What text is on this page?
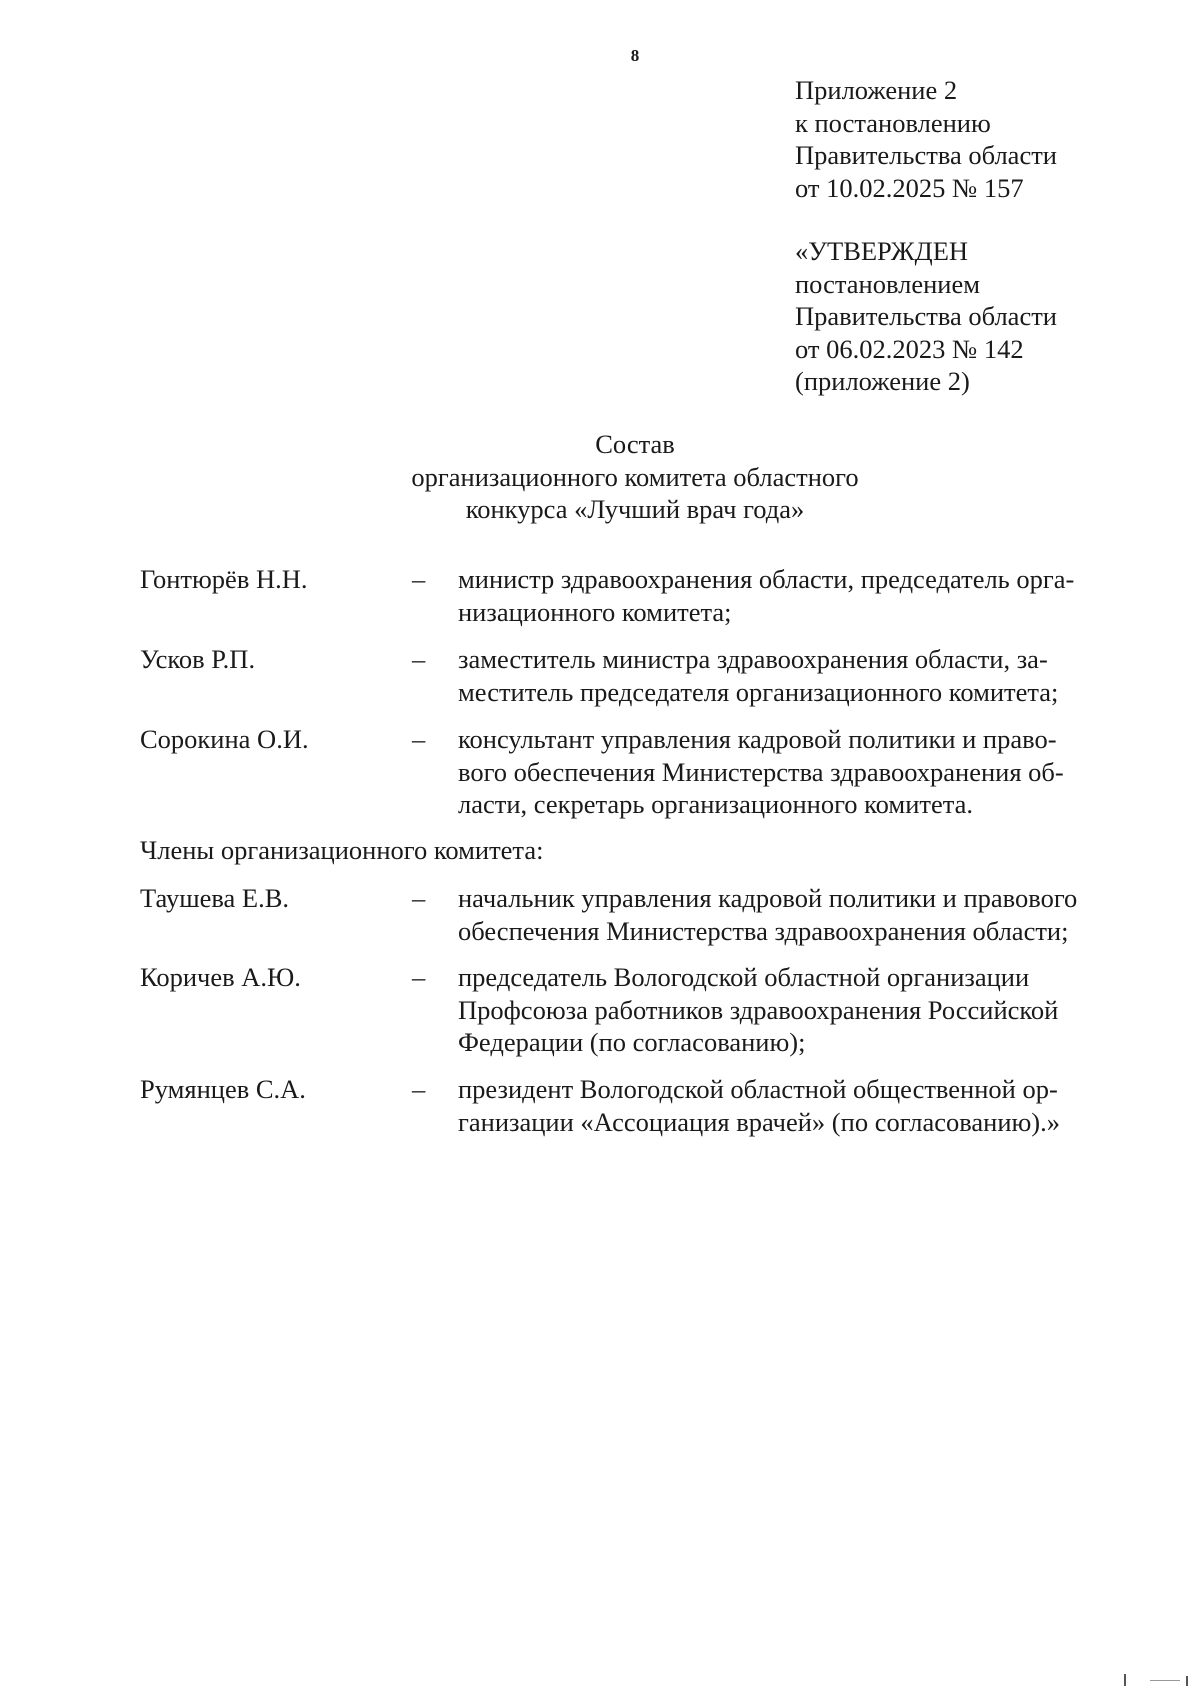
8
Приложение 2
к постановлению
Правительства области
от 10.02.2025 № 157
«УТВЕРЖДЕН
постановлением
Правительства области
от 06.02.2023 № 142
(приложение 2)
Состав
организационного комитета областного
конкурса «Лучший врач года»
Гонтюрёв Н.Н.	– министр здравоохранения области, председатель орга-
низационного комитета;
Усков Р.П.	– заместитель министра здравоохранения области, за-
меститель председателя организационного комитета;
Сорокина О.И.	– консультант управления кадровой политики и право-
вого обеспечения Министерства здравоохранения об-
ласти, секретарь организационного комитета.
Члены организационного комитета:
Таушева Е.В.	– начальник управления кадровой политики и правового
обеспечения Министерства здравоохранения области;
Коричев А.Ю.	– председатель Вологодской областной организации
Профсоюза работников здравоохранения Российской
Федерации (по согласованию);
Румянцев С.А.	– президент Вологодской областной общественной ор-
ганизации «Ассоциация врачей» (по согласованию).»
